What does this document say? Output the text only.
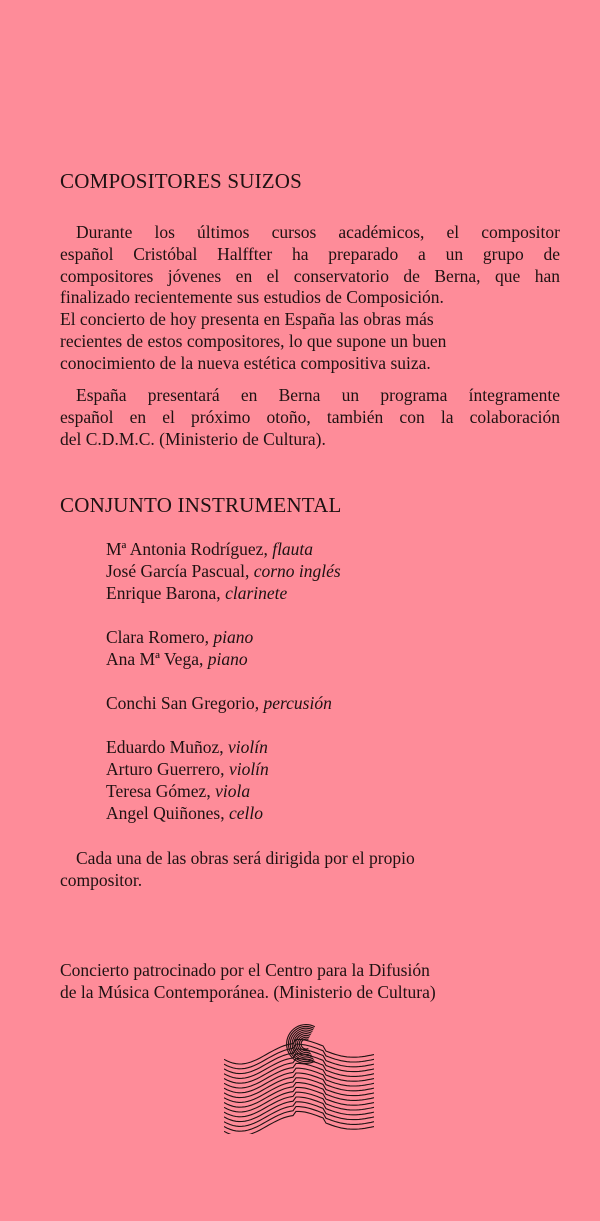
COMPOSITORES SUIZOS
Durante los últimos cursos académicos, el compositor
español Cristóbal Halffter ha preparado a un grupo de
compositores jóvenes en el conservatorio de Berna, que han
finalizado recientemente sus estudios de Composición.
El concierto de hoy presenta en España las obras más
recientes de estos compositores, lo que supone un buen
conocimiento de la nueva estética compositiva suiza.
España presentará en Berna un programa íntegramente
español en el próximo otoño, también con la colaboración
del C.D.M.C. (Ministerio de Cultura).
CONJUNTO INSTRUMENTAL
Mª Antonia Rodríguez, flauta
José García Pascual, corno inglés
Enrique Barona, clarinete
Clara Romero, piano
Ana Mª Vega, piano
Conchi San Gregorio, percusión
Eduardo Muñoz, violín
Arturo Guerrero, violín
Teresa Gómez, viola
Angel Quiñones, cello
Cada una de las obras será dirigida por el propio
compositor.
Concierto patrocinado por el Centro para la Difusión
de la Música Contemporánea. (Ministerio de Cultura)
